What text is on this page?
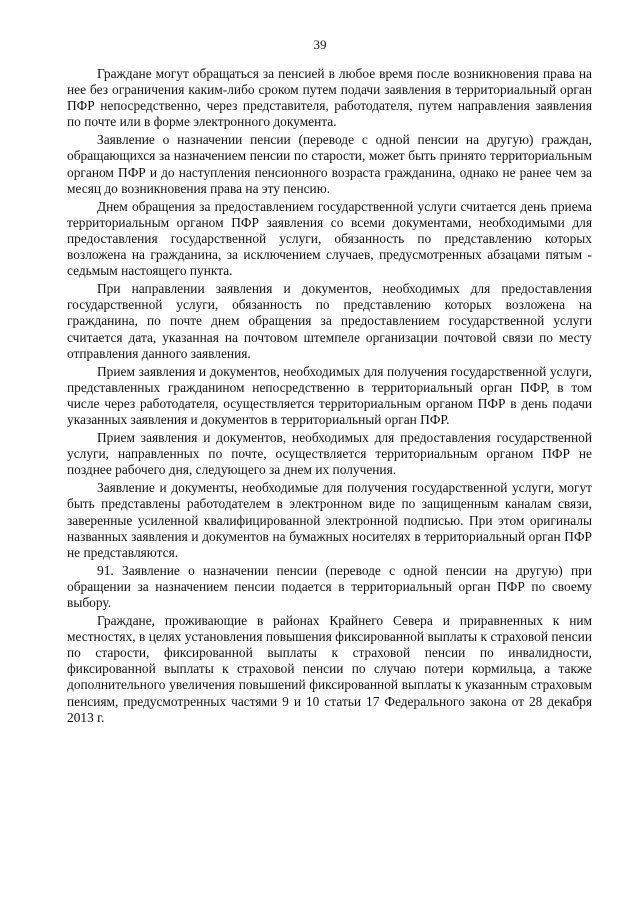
39

Граждане могут обращаться за пенсией в любое время после возникновения права на нее без ограничения каким-либо сроком путем подачи заявления в территориальный орган ПФР непосредственно, через представителя, работодателя, путем направления заявления по почте или в форме электронного документа.

Заявление о назначении пенсии (переводе с одной пенсии на другую) граждан, обращающихся за назначением пенсии по старости, может быть принято территориальным органом ПФР и до наступления пенсионного возраста гражданина, однако не ранее чем за месяц до возникновения права на эту пенсию.

Днем обращения за предоставлением государственной услуги считается день приема территориальным органом ПФР заявления со всеми документами, необходимыми для предоставления государственной услуги, обязанность по представлению которых возложена на гражданина, за исключением случаев, предусмотренных абзацами пятым - седьмым настоящего пункта.

При направлении заявления и документов, необходимых для предоставления государственной услуги, обязанность по представлению которых возложена на гражданина, по почте днем обращения за предоставлением государственной услуги считается дата, указанная на почтовом штемпеле организации почтовой связи по месту отправления данного заявления.

Прием заявления и документов, необходимых для получения государственной услуги, представленных гражданином непосредственно в территориальный орган ПФР, в том числе через работодателя, осуществляется территориальным органом ПФР в день подачи указанных заявления и документов в территориальный орган ПФР.

Прием заявления и документов, необходимых для предоставления государственной услуги, направленных по почте, осуществляется территориальным органом ПФР не позднее рабочего дня, следующего за днем их получения.

Заявление и документы, необходимые для получения государственной услуги, могут быть представлены работодателем в электронном виде по защищенным каналам связи, заверенные усиленной квалифицированной электронной подписью. При этом оригиналы названных заявления и документов на бумажных носителях в территориальный орган ПФР не представляются.

91. Заявление о назначении пенсии (переводе с одной пенсии на другую) при обращении за назначением пенсии подается в территориальный орган ПФР по своему выбору.

Граждане, проживающие в районах Крайнего Севера и приравненных к ним местностях, в целях установления повышения фиксированной выплаты к страховой пенсии по старости, фиксированной выплаты к страховой пенсии по инвалидности, фиксированной выплаты к страховой пенсии по случаю потери кормильца, а также дополнительного увеличения повышений фиксированной выплаты к указанным страховым пенсиям, предусмотренных частями 9 и 10 статьи 17 Федерального закона от 28 декабря 2013 г.
